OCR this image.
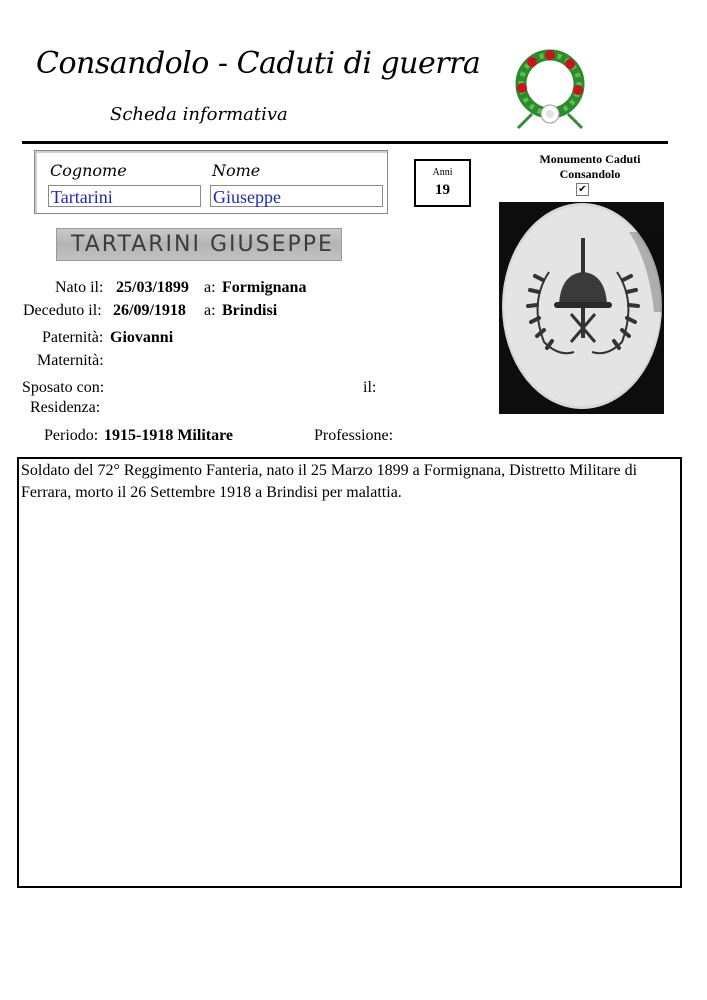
Consandolo - Caduti di guerra
Scheda informativa
Cognome	Nome
Tartarini	Giuseppe
Anni
19
Monumento Caduti Consandolo
✔
TARTARINI GIUSEPPE
Nato il: 25/03/1899 a: Formignana
Deceduto il: 26/09/1918 a: Brindisi
Paternità: Giovanni
Maternità:
Sposato con:	il:
Residenza:
Periodo: 1915-1918 Militare	Professione:
Soldato del 72° Reggimento Fanteria, nato il 25 Marzo 1899 a Formignana, Distretto Militare di Ferrara, morto il 26 Settembre 1918 a Brindisi per malattia.
